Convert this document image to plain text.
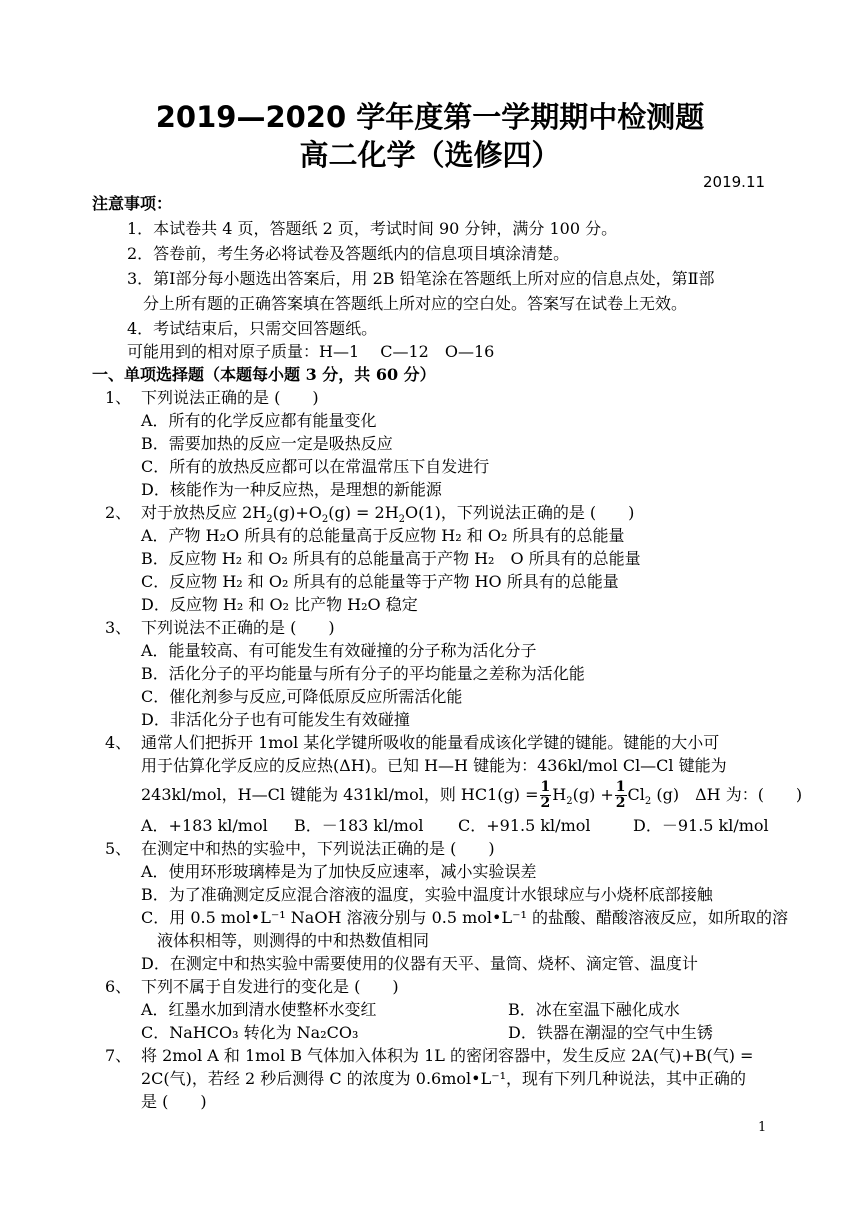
2019—2020 学年度第一学期期中检测题
高二化学（选修四）
2019.11
注意事项：
1．本试卷共 4 页，答题纸 2 页，考试时间 90 分钟，满分 100 分。
2．答卷前，考生务必将试卷及答题纸内的信息项目填涂清楚。
3．第Ⅰ部分每小题选出答案后，用 2B 铅笔涂在答题纸上所对应的信息点处，第Ⅱ部
分上所有题的正确答案填在答题纸上所对应的空白处。答案写在试卷上无效。
4．考试结束后，只需交回答题纸。
可能用到的相对原子质量：H—1　 C—12　O—16
一、单项选择题（本题每小题 3 分，共 60 分）
1、 下列说法正确的是 (　　)
A．所有的化学反应都有能量变化
B．需要加热的反应一定是吸热反应
C．所有的放热反应都可以在常温常压下自发进行
D．核能作为一种反应热，是理想的新能源
2、 对于放热反应 $2H_2(g)+O_2(g) = 2H_2O(1)$，下列说法正确的是 (　　)
A．产物 H₂O 所具有的总能量高于反应物 H₂ 和 O₂ 所具有的总能量
B．反应物 H₂ 和 O₂ 所具有的总能量高于产物 H₂　O 所具有的总能量
C．反应物 H₂ 和 O₂ 所具有的总能量等于产物 HO 所具有的总能量
D．反应物 H₂ 和 O₂ 比产物 H₂O 稳定
3、 下列说法不正确的是 (　　)
A．能量较高、有可能发生有效碰撞的分子称为活化分子
B．活化分子的平均能量与所有分子的平均能量之差称为活化能
C．催化剂参与反应,可降低原反应所需活化能
D．非活化分子也有可能发生有效碰撞
4、 通常人们把拆开 1mol 某化学键所吸收的能量看成该化学键的键能。键能的大小可
用于估算化学反应的反应热(ΔH)。已知 H—H 键能为：436kl/mol Cl—Cl 键能为
243kl/mol，H—Cl 键能为 431kl/mol，则 $HC1(g) = \frac{1}{2} H_2(g) + \frac{1}{2} Cl_2$ (g)　ΔH 为：(　　)
A．+183 kl/mol B．－183 kl/mol C．+91.5 kl/mol	D．－91.5 kl/mol
5、 在测定中和热的实验中，下列说法正确的是 (　　)
A．使用环形玻璃棒是为了加快反应速率，减小实验误差
B．为了准确测定反应混合溶液的温度，实验中温度计水银球应与小烧杯底部接触
C．用 0.5 mol•L⁻¹ NaOH 溶液分别与 0.5 mol•L⁻¹ 的盐酸、醋酸溶液反应，如所取的溶
液体积相等，则测得的中和热数值相同
D．在测定中和热实验中需要使用的仪器有天平、量筒、烧杯、滴定管、温度计
6、 下列不属于自发进行的变化是 (　　)
A．红墨水加到清水使整杯水变红	B．冰在室温下融化成水
C．NaHCO₃ 转化为 Na₂CO₃	D．铁器在潮湿的空气中生锈
7、 将 2mol A 和 1mol B 气体加入体积为 1L 的密闭容器中，发生反应 2A(气)+B(气) =
2C(气)，若经 2 秒后测得 C 的浓度为 0.6mol•L⁻¹，现有下列几种说法，其中正确的
是 (　　)
1
